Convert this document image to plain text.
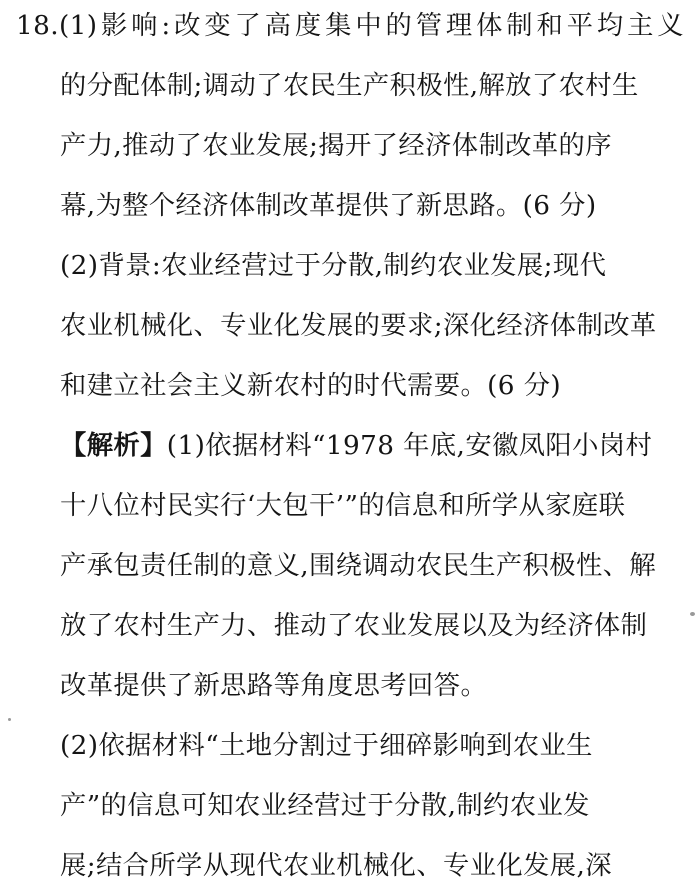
18.(1)影响:改变了高度集中的管理体制和平均主义
的分配体制;调动了农民生产积极性,解放了农村生
产力,推动了农业发展;揭开了经济体制改革的序
幕,为整个经济体制改革提供了新思路。(6 分)
(2)背景:农业经营过于分散,制约农业发展;现代
农业机械化、专业化发展的要求;深化经济体制改革
和建立社会主义新农村的时代需要。(6 分)
【解析】(1)依据材料“1978 年底,安徽凤阳小岗村
十八位村民实行‘大包干’”的信息和所学从家庭联
产承包责任制的意义,围绕调动农民生产积极性、解
放了农村生产力、推动了农业发展以及为经济体制
改革提供了新思路等角度思考回答。
(2)依据材料“土地分割过于细碎影响到农业生
产”的信息可知农业经营过于分散,制约农业发
展;结合所学从现代农业机械化、专业化发展,深
